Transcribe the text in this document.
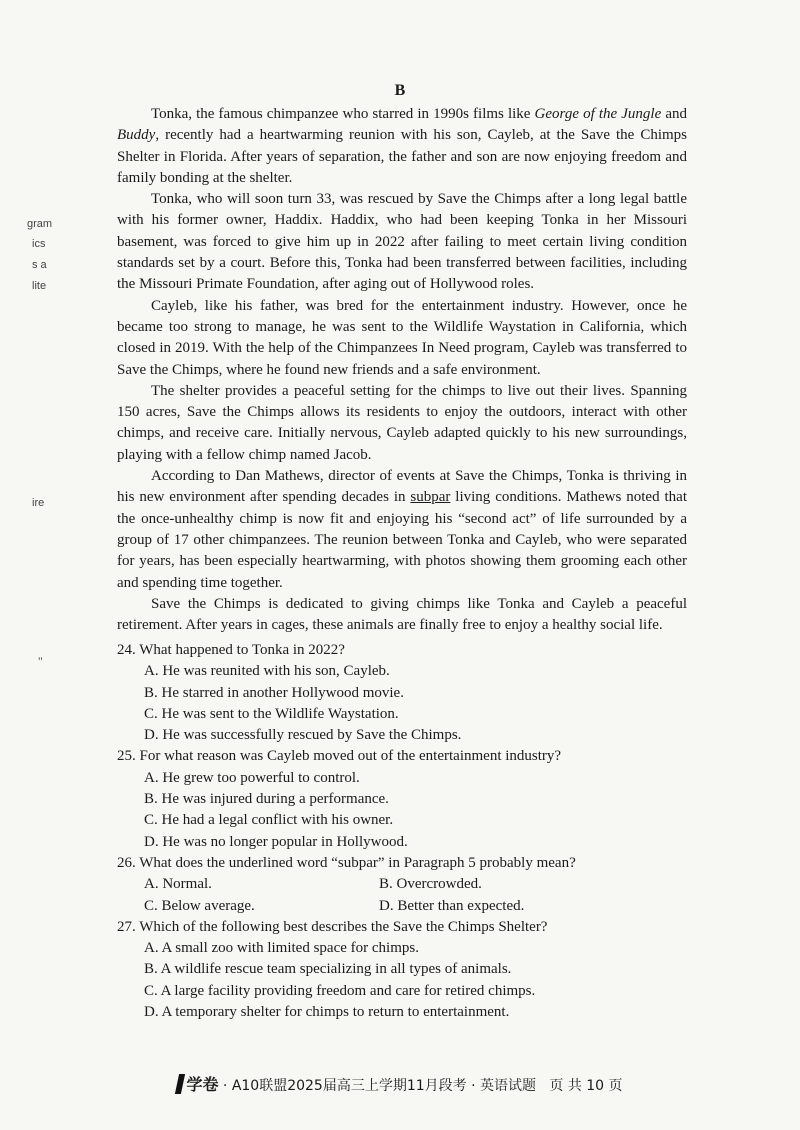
B
gram
ics
s a
lite
ire
’’

Tonka, the famous chimpanzee who starred in 1990s films like George of the Jungle and Buddy, recently had a heartwarming reunion with his son, Cayleb, at the Save the Chimps Shelter in Florida. After years of separation, the father and son are now enjoying freedom and family bonding at the shelter.

Tonka, who will soon turn 33, was rescued by Save the Chimps after a long legal battle with his former owner, Haddix. Haddix, who had been keeping Tonka in her Missouri basement, was forced to give him up in 2022 after failing to meet certain living condition standards set by a court. Before this, Tonka had been transferred between facilities, including the Missouri Primate Foundation, after aging out of Hollywood roles.

Cayleb, like his father, was bred for the entertainment industry. However, once he became too strong to manage, he was sent to the Wildlife Waystation in California, which closed in 2019. With the help of the Chimpanzees In Need program, Cayleb was transferred to Save the Chimps, where he found new friends and a safe environment.

The shelter provides a peaceful setting for the chimps to live out their lives. Spanning 150 acres, Save the Chimps allows its residents to enjoy the outdoors, interact with other chimps, and receive care. Initially nervous, Cayleb adapted quickly to his new surroundings, playing with a fellow chimp named Jacob.

According to Dan Mathews, director of events at Save the Chimps, Tonka is thriving in his new environment after spending decades in subpar living conditions. Mathews noted that the once-unhealthy chimp is now fit and enjoying his “second act” of life surrounded by a group of 17 other chimpanzees. The reunion between Tonka and Cayleb, who were separated for years, has been especially heartwarming, with photos showing them grooming each other and spending time together.

Save the Chimps is dedicated to giving chimps like Tonka and Cayleb a peaceful retirement. After years in cages, these animals are finally free to enjoy a healthy social life.

24. What happened to Tonka in 2022?

A. He was reunited with his son, Cayleb.

B. He starred in another Hollywood movie.

C. He was sent to the Wildlife Waystation.

D. He was successfully rescued by Save the Chimps.

25. For what reason was Cayleb moved out of the entertainment industry?

A. He grew too powerful to control.

B. He was injured during a performance.

C. He had a legal conflict with his owner.

D. He was no longer popular in Hollywood.

26. What does the underlined word “subpar” in Paragraph 5 probably mean?

A. Normal.	B. Overcrowded.

C. Below average.	D. Better than expected.

27. Which of the following best describes the Save the Chimps Shelter?

A. A small zoo with limited space for chimps.

B. A wildlife rescue team specializing in all types of animals.

C. A large facility providing freedom and care for retired chimps.

D. A temporary shelter for chimps to return to entertainment.

学卷 · A10联盟2025届高三上学期11月段考 · 英语试题 页 共 10 页
